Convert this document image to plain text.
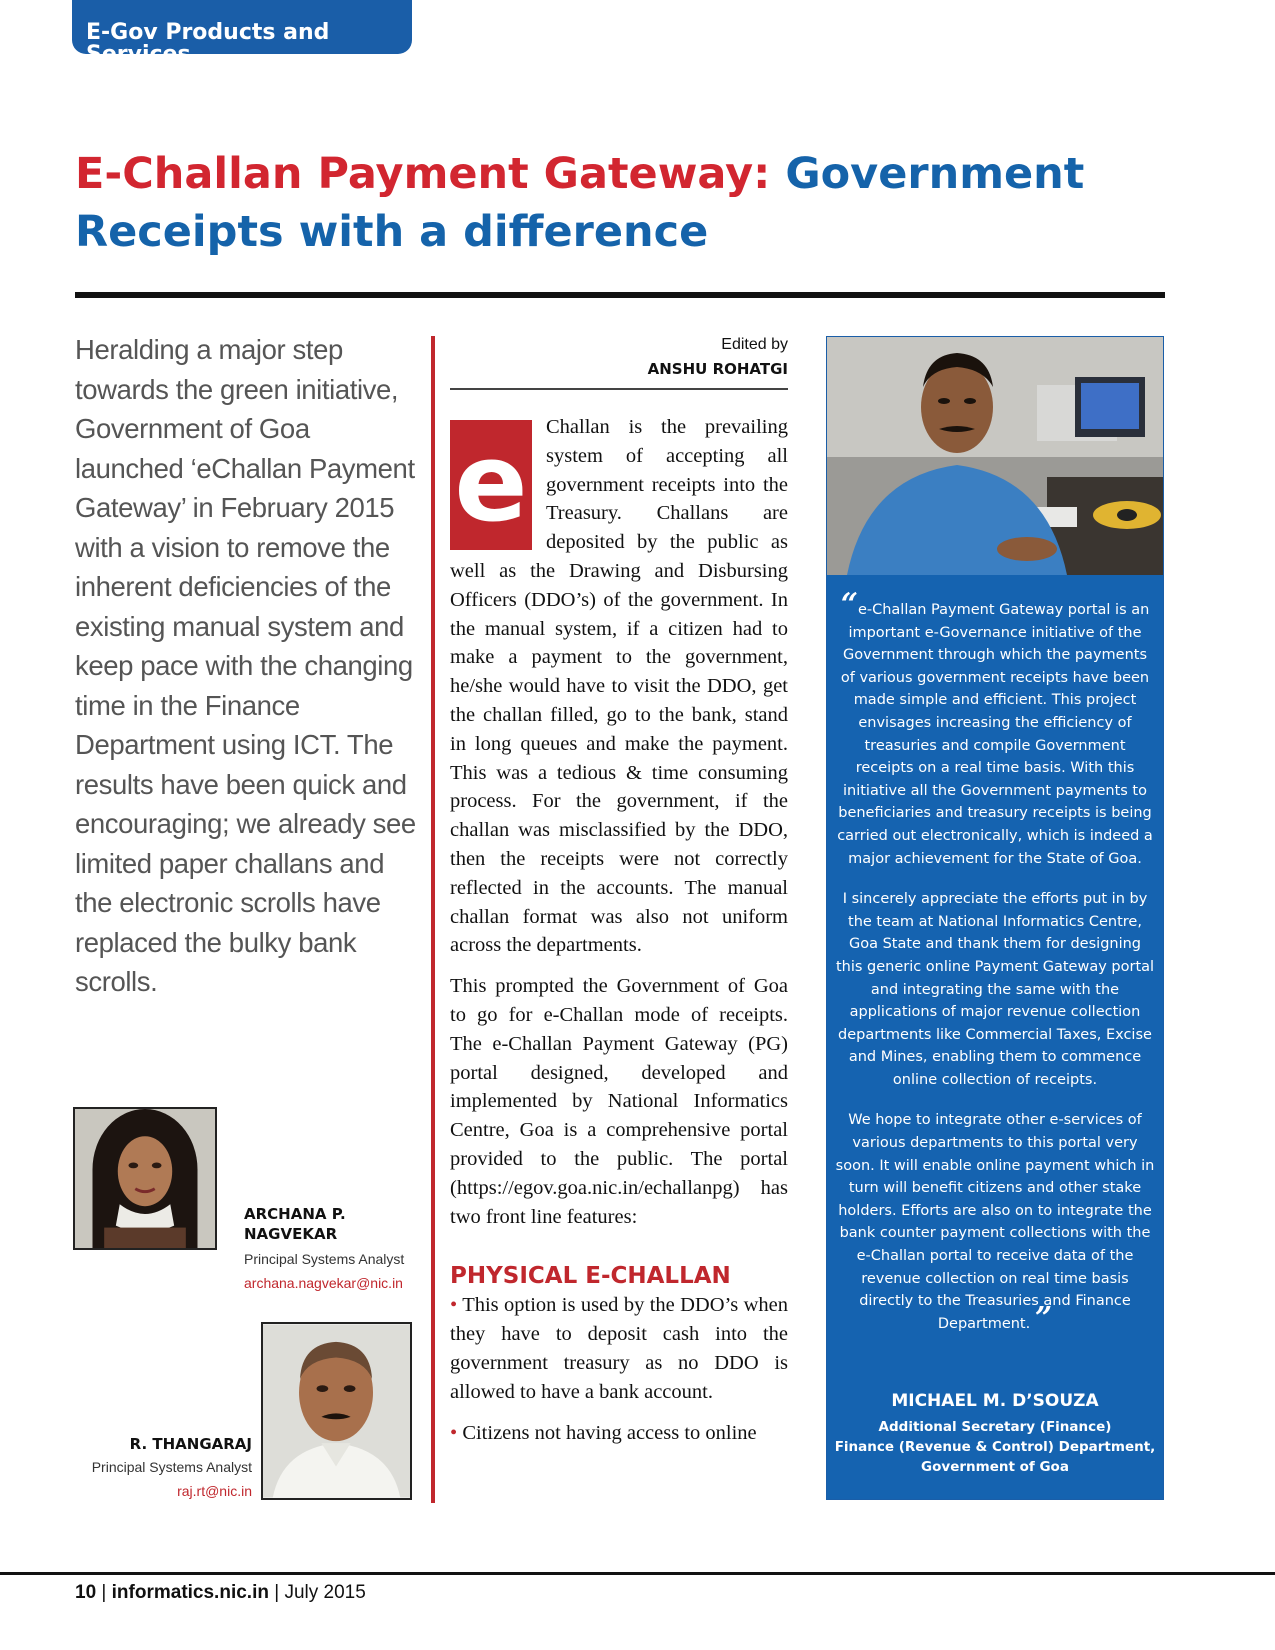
E-Gov Products and Services
E-Challan Payment Gateway: Government
Receipts with a difference
Heralding a major step towards the green initiative, Government of Goa launched ‘eChallan Payment Gateway’ in February 2015 with a vision to remove the inherent deficiencies of the existing manual system and keep pace with the changing time in the Finance Department using ICT. The results have been quick and encouraging; we already see limited paper challans and the electronic scrolls have replaced the bulky bank scrolls.
ARCHANA P. NAGVEKAR
Principal Systems Analyst
archana.nagvekar@nic.in
R. THANGARAJ
Principal Systems Analyst
raj.rt@nic.in
Edited by
ANSHU ROHATGI

e Challan is the prevailing system of accepting all government receipts into the Treasury. Challans are deposited by the public as well as the Drawing and Disbursing Officers (DDO’s) of the government. In the manual system, if a citizen had to make a payment to the government, he/she would have to visit the DDO, get the challan filled, go to the bank, stand in long queues and make the payment. This was a tedious & time consuming process. For the government, if the challan was misclassified by the DDO, then the receipts were not correctly reflected in the accounts. The manual challan format was also not uniform across the departments.

This prompted the Government of Goa to go for e-Challan mode of receipts. The e-Challan Payment Gateway (PG) portal designed, developed and implemented by National Informatics Centre, Goa is a comprehensive portal provided to the public. The portal (https://egov.goa.nic.in/echallanpg) has two front line features:

PHYSICAL E-CHALLAN

• This option is used by the DDO’s when they have to deposit cash into the government treasury as no DDO is allowed to have a bank account.

• Citizens not having access to online

“e-Challan Payment Gateway portal is an important e-Governance initiative of the Government through which the payments of various government receipts have been made simple and efficient. This project envisages increasing the efficiency of treasuries and compile Government receipts on a real time basis. With this initiative all the Government payments to beneficiaries and treasury receipts is being carried out electronically, which is indeed a major achievement for the State of Goa.

I sincerely appreciate the efforts put in by the team at National Informatics Centre, Goa State and thank them for designing this generic online Payment Gateway portal and integrating the same with the applications of major revenue collection departments like Commercial Taxes, Excise and Mines, enabling them to commence online collection of receipts.

We hope to integrate other e-services of various departments to this portal very soon. It will enable online payment which in turn will benefit citizens and other stake holders. Efforts are also on to integrate the bank counter payment collections with the e-Challan portal to receive data of the revenue collection on real time basis directly to the Treasuries and Finance Department. ”

MICHAEL M. D’SOUZA
Additional Secretary (Finance)
Finance (Revenue & Control) Department,
Government of Goa
10 | informatics.nic.in | July 2015
